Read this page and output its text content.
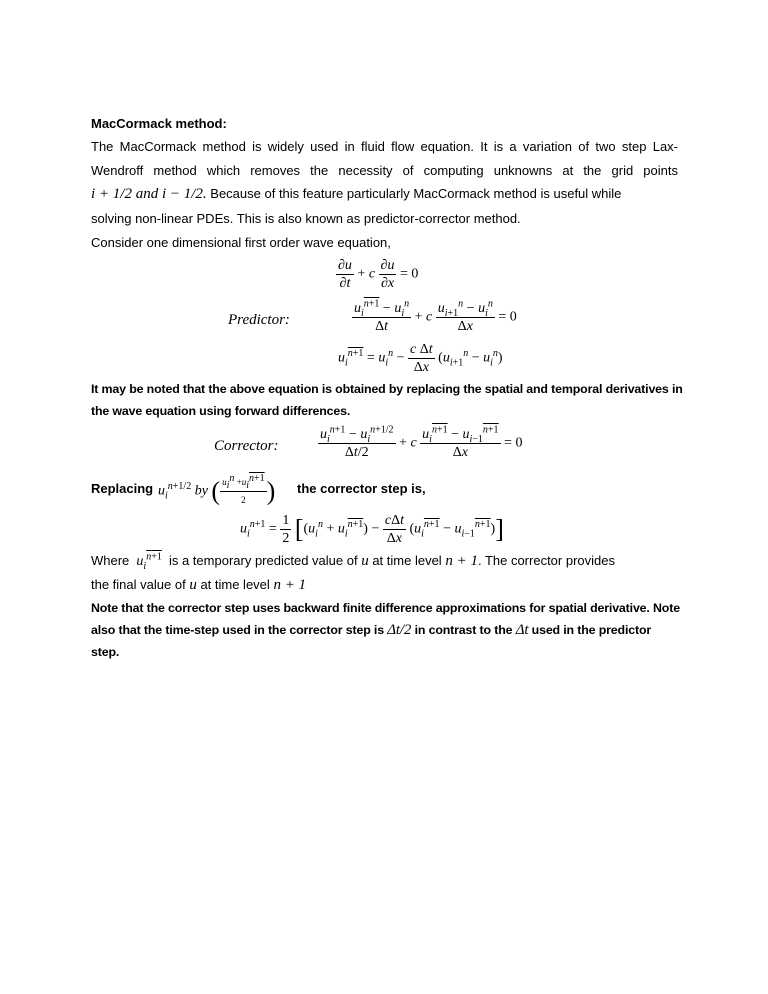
MacCormack method:
The MacCormack method is widely used in fluid flow equation. It is a variation of two step Lax-
Wendroff method which removes the necessity of computing unknowns at the grid points
i + 1/2 and i − 1/2. Because of this feature particularly MacCormack method is useful while
solving non-linear PDEs. This is also known as predictor-corrector method.
Consider one dimensional first order wave equation,
$\frac{\partial u}{\partial t} + c \frac{\partial u}{\partial x} = 0$
Predictor:	$\frac{u_i^{n+1} - u_i^n}{\Delta t} + c \frac{u_{i+1}^n - u_i^n}{\Delta x} = 0$
$u_i^{n+1} = u_i^n - \frac{\text{c Δt}}{\Delta x} (u_{i+1}^n - u_i^n)$
It may be noted that the above equation is obtained by replacing the spatial and temporal derivatives in
the wave equation using forward differences.
Corrector:	$\frac{u_i^{n+1} - u_i^{n+1/2}}{\Delta t/2} + c \frac{u_i^{n+1} - u_{i-1}^{n+1}}{\Delta x} = 0$
Replacing $u_i^{n+1/2}$ by ( $\frac{u_i^n +u_i^{n+1}}{2}$ ) the corrector step is,
$u_i^{n+1} = \frac{1}{2} [(u_i^n + u_i^{n+1}) - \frac{\text{cΔt}}{\Delta x} (u_i^{n+1} - u_{i-1}^{n+1})]$
Where $u_i^{n+1}$ is a temporary predicted value of u at time level n + 1. The corrector provides
the final value of u at time level n + 1
Note that the corrector step uses backward finite difference approximations for spatial derivative. Note
also that the time-step used in the corrector step is Δt/2 in contrast to the Δt used in the predictor
step.
